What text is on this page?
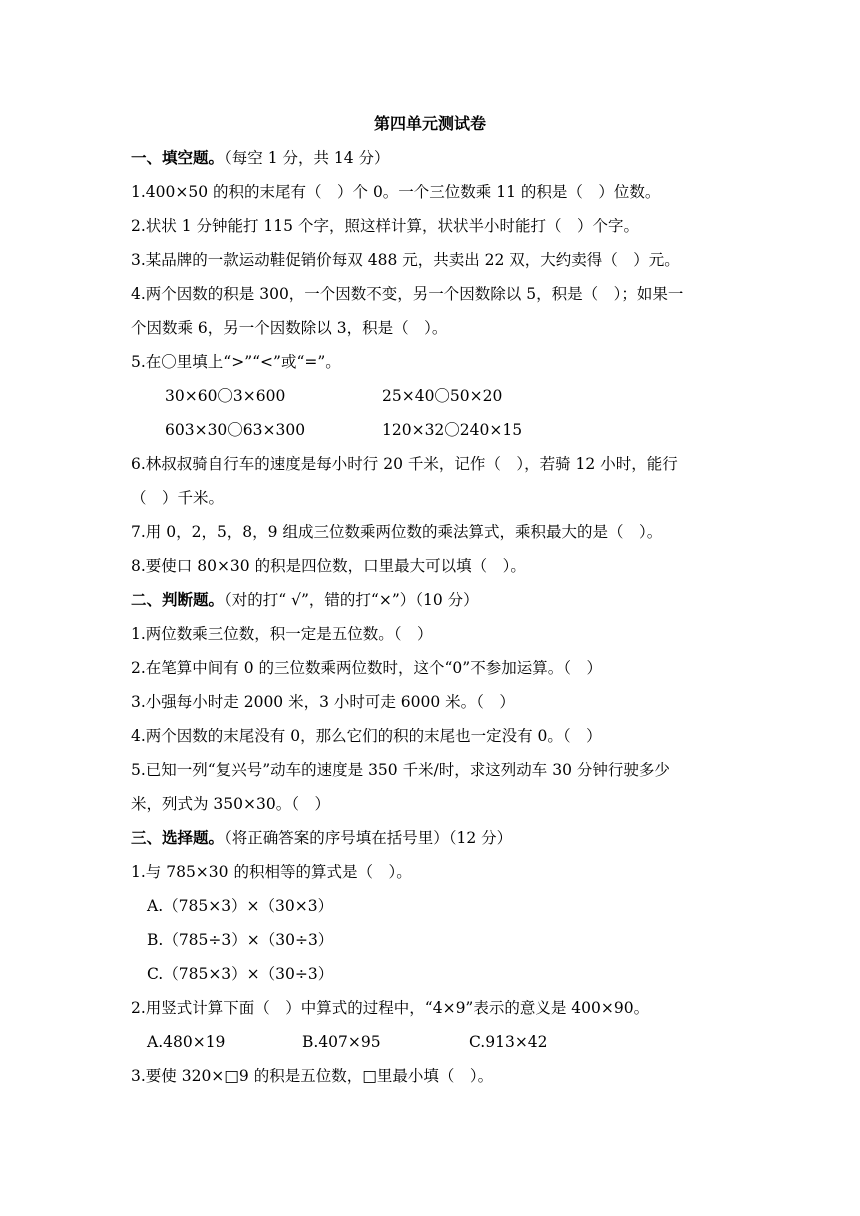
第四单元测试卷
一、填空题。（每空 1 分，共 14 分）
1.400×50 的积的末尾有（　）个 0。一个三位数乘 11 的积是（　）位数。
2.状状 1 分钟能打 115 个字，照这样计算，状状半小时能打（　）个字。
3.某品牌的一款运动鞋促销价每双 488 元，共卖出 22 双，大约卖得（　）元。
4.两个因数的积是 300，一个因数不变，另一个因数除以 5，积是（　）；如果一
个因数乘 6，另一个因数除以 3，积是（　）。
5.在〇里填上“>”“<”或“=”。
30×60〇3×600	25×40〇50×20
603×30〇63×300	120×32〇240×15
6.林叔叔骑自行车的速度是每小时行 20 千米，记作（　），若骑 12 小时，能行
（　）千米。
7.用 0，2，5，8，9 组成三位数乘两位数的乘法算式，乘积最大的是（　）。
8.要使口 80×30 的积是四位数，口里最大可以填（　）。
二、判断题。（对的打“ √”，错的打“×”）（10 分）
1.两位数乘三位数，积一定是五位数。（　）
2.在笔算中间有 0 的三位数乘两位数时，这个“0”不参加运算。（　）
3.小强每小时走 2000 米，3 小时可走 6000 米。（　）
4.两个因数的末尾没有 0，那么它们的积的末尾也一定没有 0。（　）
5.已知一列“复兴号”动车的速度是 350 千米/时，求这列动车 30 分钟行驶多少
米，列式为 350×30。（　）
三、选择题。（将正确答案的序号填在括号里）（12 分）
1.与 785×30 的积相等的算式是（　）。
A.（785×3）×（30×3）
B.（785÷3）×（30÷3）
C.（785×3）×（30÷3）
2.用竖式计算下面（　）中算式的过程中，“4×9”表示的意义是 400×90。
A.480×19	B.407×95	C.913×42
3.要使 320×□9 的积是五位数，□里最小填（　）。
